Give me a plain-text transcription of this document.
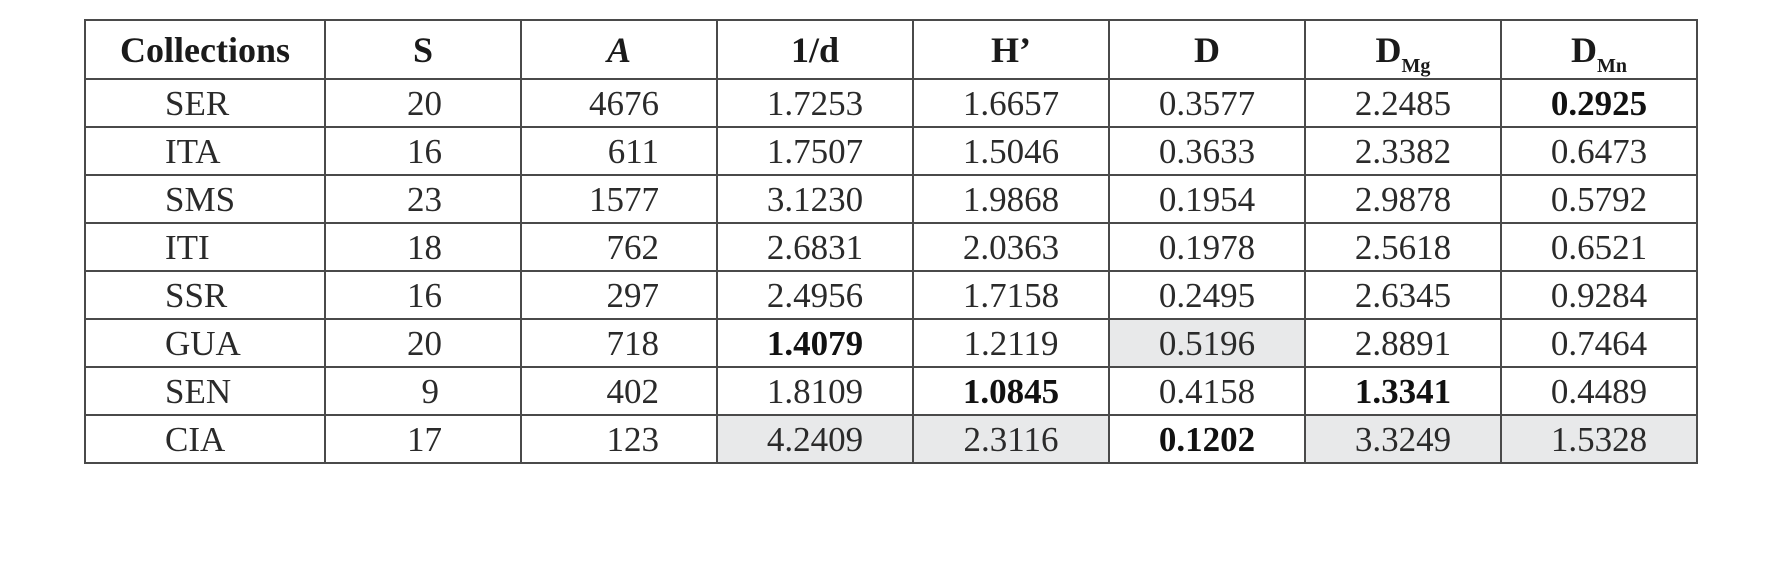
Collections	S	A	1/d	H’	D	$D_{Mg}$	$D_{Mn}$
SER	20	4676	1.7253	1.6657	0.3577	2.2485	0.2925
ITA	16	611	1.7507	1.5046	0.3633	2.3382	0.6473
SMS	23	1577	3.1230	1.9868	0.1954	2.9878	0.5792
ITI	18	762	2.6831	2.0363	0.1978	2.5618	0.6521
SSR	16	297	2.4956	1.7158	0.2495	2.6345	0.9284
GUA	20	718	1.4079	1.2119	0.5196	2.8891	0.7464
SEN	9	402	1.8109	1.0845	0.4158	1.3341	0.4489
CIA	17	123	4.2409	2.3116	0.1202	3.3249	1.5328
